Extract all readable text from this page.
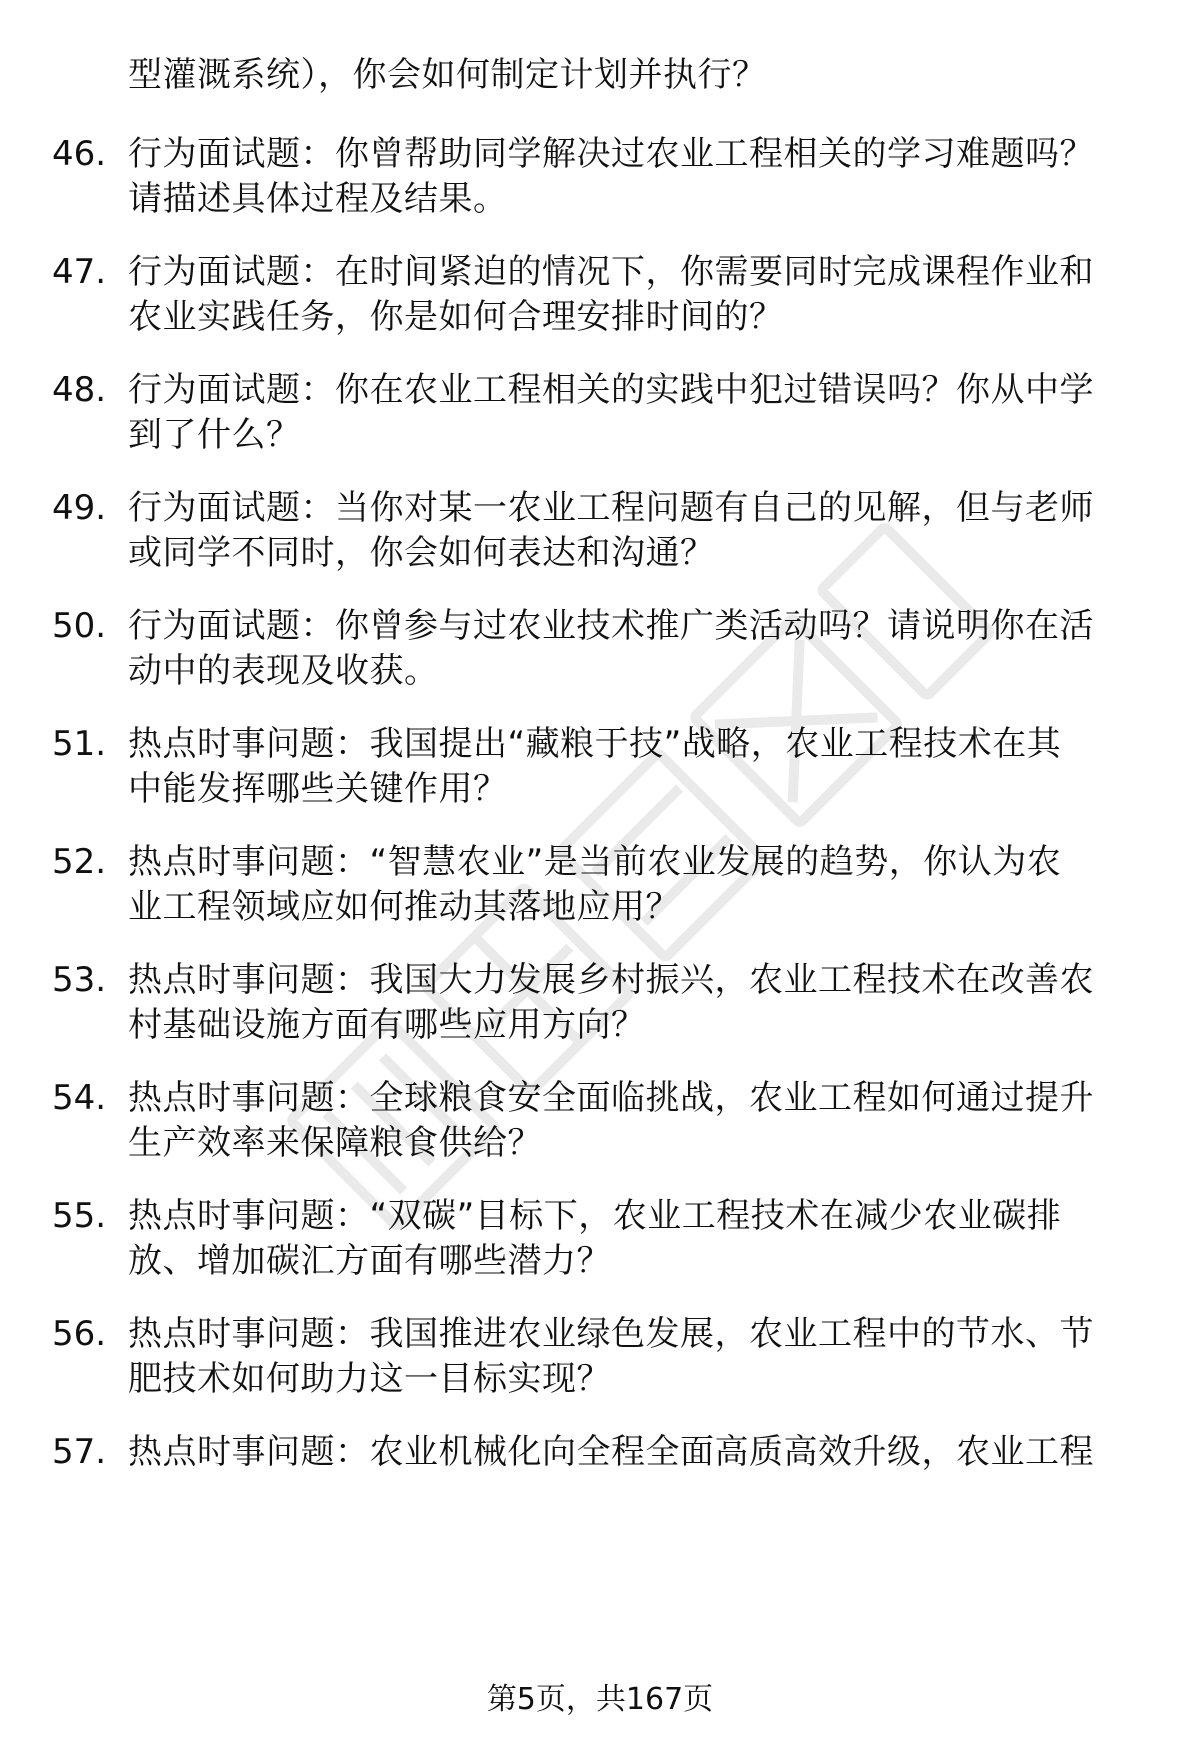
型灌溉系统），你会如何制定计划并执行？
46. 行为面试题：你曾帮助同学解决过农业工程相关的学习难题吗？
请描述具体过程及结果。
47. 行为面试题：在时间紧迫的情况下，你需要同时完成课程作业和
农业实践任务，你是如何合理安排时间的？
48. 行为面试题：你在农业工程相关的实践中犯过错误吗？你从中学
到了什么？
49. 行为面试题：当你对某一农业工程问题有自己的见解，但与老师
或同学不同时，你会如何表达和沟通？
50. 行为面试题：你曾参与过农业技术推广类活动吗？请说明你在活
动中的表现及收获。
51. 热点时事问题：我国提出“藏粮于技”战略，农业工程技术在其
中能发挥哪些关键作用？
52. 热点时事问题：“智慧农业”是当前农业发展的趋势，你认为农
业工程领域应如何推动其落地应用？
53. 热点时事问题：我国大力发展乡村振兴，农业工程技术在改善农
村基础设施方面有哪些应用方向？
54. 热点时事问题：全球粮食安全面临挑战，农业工程如何通过提升
生产效率来保障粮食供给？
55. 热点时事问题：“双碳”目标下，农业工程技术在减少农业碳排
放、增加碳汇方面有哪些潜力？
56. 热点时事问题：我国推进农业绿色发展，农业工程中的节水、节
肥技术如何助力这一目标实现？
57. 热点时事问题：农业机械化向全程全面高质高效升级，农业工程
第5页，共167页
